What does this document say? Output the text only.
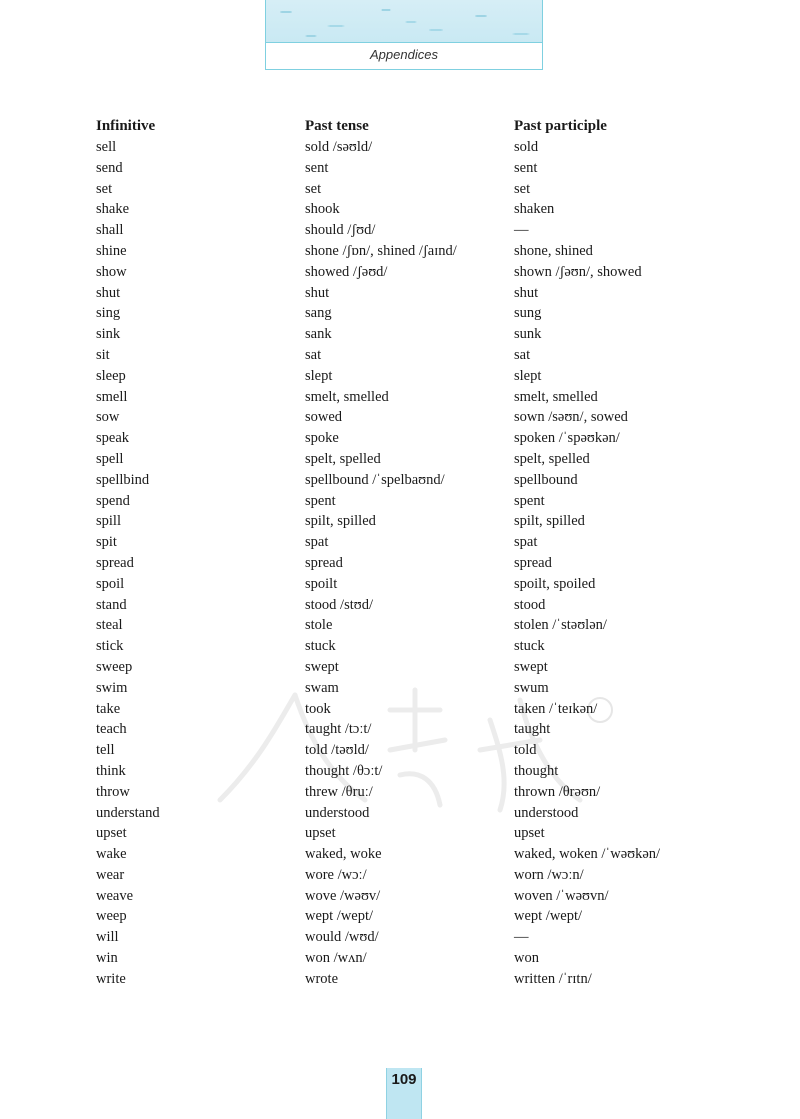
Appendices
Infinitive	Past tense	Past participle
sell	sold /səʊld/	sold
send	sent	sent
set	set	set
shake	shook	shaken
shall	should /ʃʊd/	—
shine	shone /ʃɒn/, shined /ʃaɪnd/	shone, shined
show	showed /ʃəʊd/	shown /ʃəʊn/, showed
shut	shut	shut
sing	sang	sung
sink	sank	sunk
sit	sat	sat
sleep	slept	slept
smell	smelt, smelled	smelt, smelled
sow	sowed	sown /səʊn/, sowed
speak	spoke	spoken /ˈspəʊkən/
spell	spelt, spelled	spelt, spelled
spellbind	spellbound /ˈspelbaʊnd/	spellbound
spend	spent	spent
spill	spilt, spilled	spilt, spilled
spit	spat	spat
spread	spread	spread
spoil	spoilt	spoilt, spoiled
stand	stood /stʊd/	stood
steal	stole	stolen /ˈstəʊlən/
stick	stuck	stuck
sweep	swept	swept
swim	swam	swum
take	took	taken /ˈteɪkən/
teach	taught /tɔːt/	taught
tell	told /təʊld/	told
think	thought /θɔːt/	thought
throw	threw /θruː/	thrown /θrəʊn/
understand	understood	understood
upset	upset	upset
wake	waked, woke	waked, woken /ˈwəʊkən/
wear	wore /wɔː/	worn /wɔːn/
weave	wove /wəʊv/	woven /ˈwəʊvn/
weep	wept /wept/	wept /wept/
will	would /wʊd/	—
win	won /wʌn/	won
write	wrote	written /ˈrɪtn/
109
